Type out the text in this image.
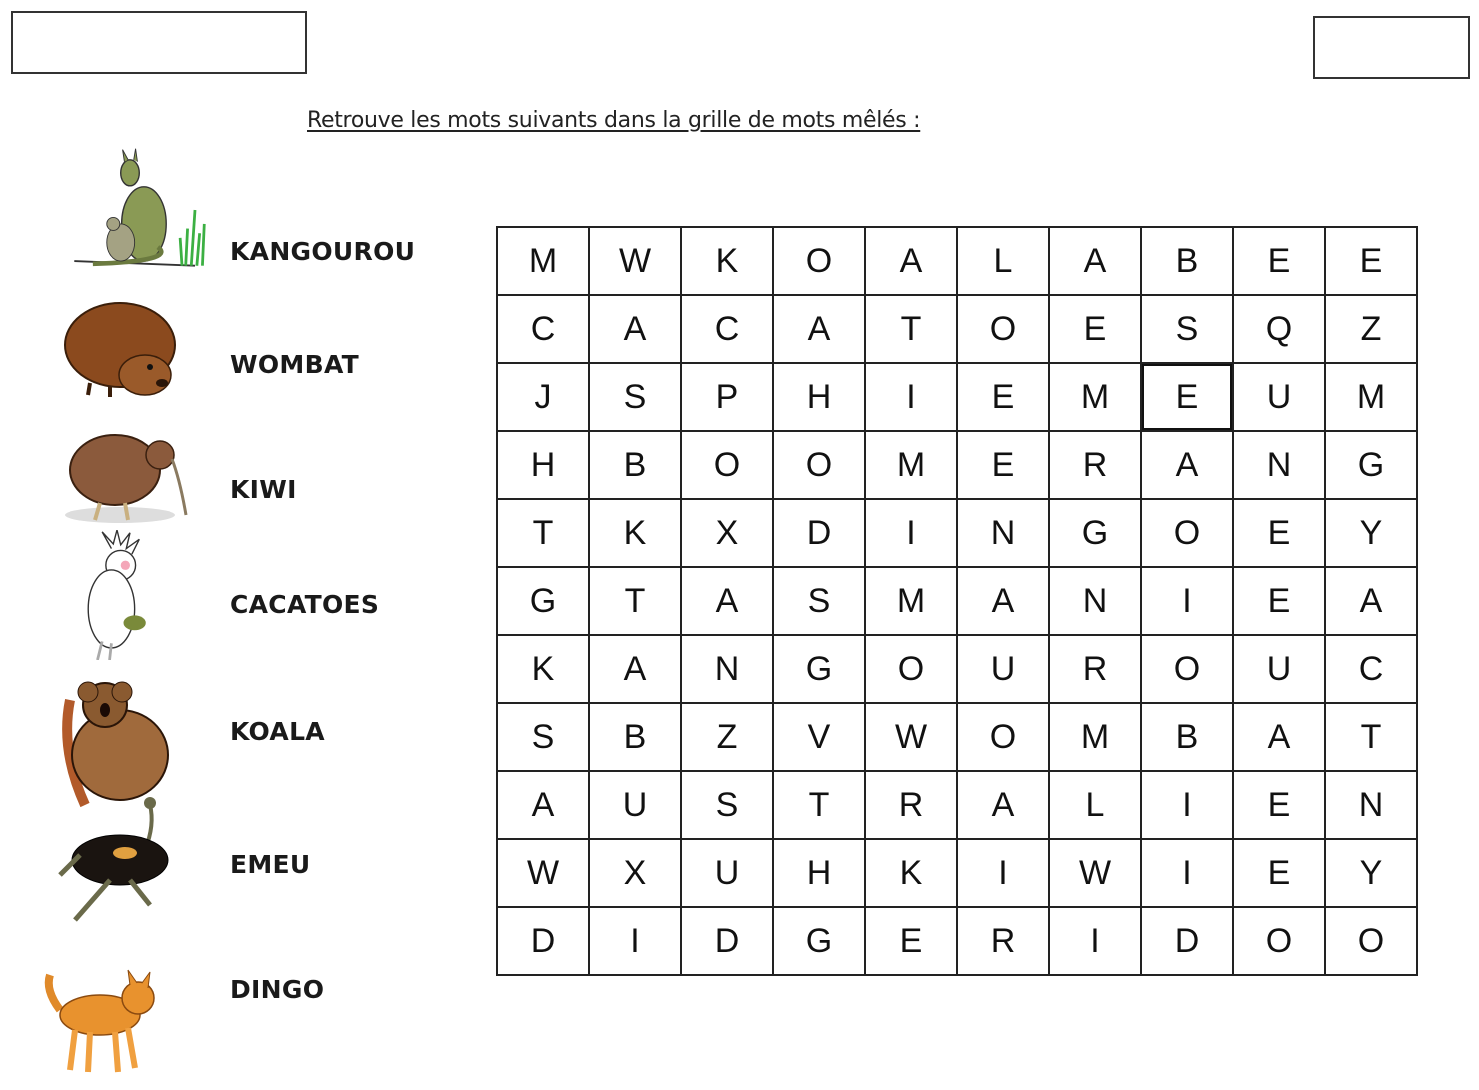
Retrouve les mots suivants dans la grille de mots mêlés :
KANGOUROU
WOMBAT
KIWI
CACATOES
KOALA
EMEU
DINGO
M	W	K	O	A	L	A	B	E	E
C	A	C	A	T	O	E	S	Q	Z
J	S	P	H	I	E	M	E	U	M
H	B	O	O	M	E	R	A	N	G
T	K	X	D	I	N	G	O	E	Y
G	T	A	S	M	A	N	I	E	A
K	A	N	G	O	U	R	O	U	C
S	B	Z	V	W	O	M	B	A	T
A	U	S	T	R	A	L	I	E	N
W	X	U	H	K	I	W	I	E	Y
D	I	D	G	E	R	I	D	O	O
